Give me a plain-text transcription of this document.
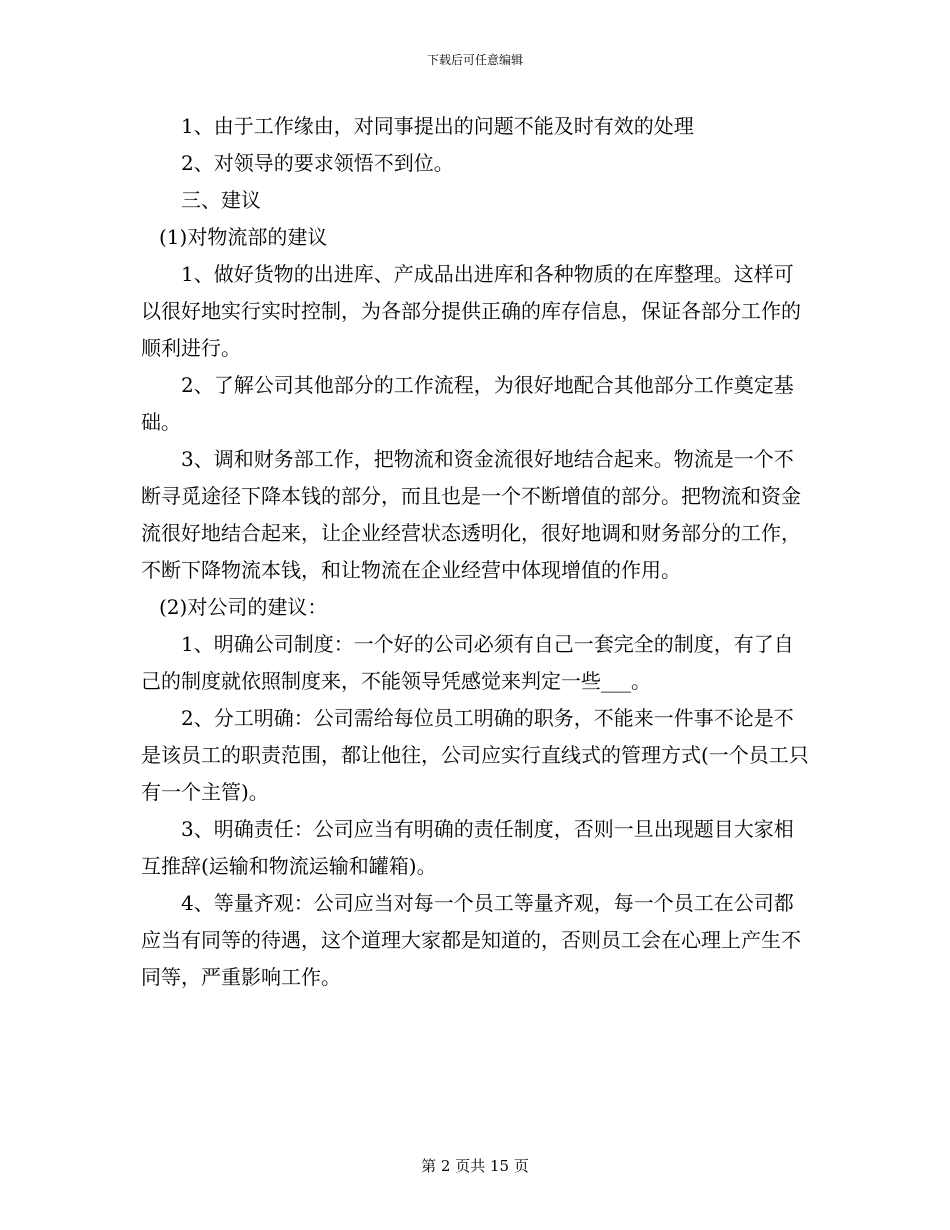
下载后可任意编辑

1、由于工作缘由，对同事提出的问题不能及时有效的处理

2、对领导的要求领悟不到位。

三、建议

(1)对物流部的建议

1、做好货物的出进库、产成品出进库和各种物质的在库整理。这样可以很好地实行实时控制，为各部分提供正确的库存信息，保证各部分工作的顺利进行。

2、了解公司其他部分的工作流程，为很好地配合其他部分工作奠定基础。

3、调和财务部工作，把物流和资金流很好地结合起来。物流是一个不断寻觅途径下降本钱的部分，而且也是一个不断增值的部分。把物流和资金流很好地结合起来，让企业经营状态透明化，很好地调和财务部分的工作，不断下降物流本钱，和让物流在企业经营中体现增值的作用。

(2)对公司的建议：

1、明确公司制度：一个好的公司必须有自己一套完全的制度，有了自己的制度就依照制度来，不能领导凭感觉来判定一些___。

2、分工明确：公司需给每位员工明确的职务，不能来一件事不论是不是该员工的职责范围，都让他往，公司应实行直线式的管理方式(一个员工只有一个主管)。

3、明确责任：公司应当有明确的责任制度，否则一旦出现题目大家相互推辞(运输和物流运输和罐箱)。

4、等量齐观：公司应当对每一个员工等量齐观，每一个员工在公司都应当有同等的待遇，这个道理大家都是知道的，否则员工会在心理上产生不同等，严重影响工作。

第 2 页共 15 页
